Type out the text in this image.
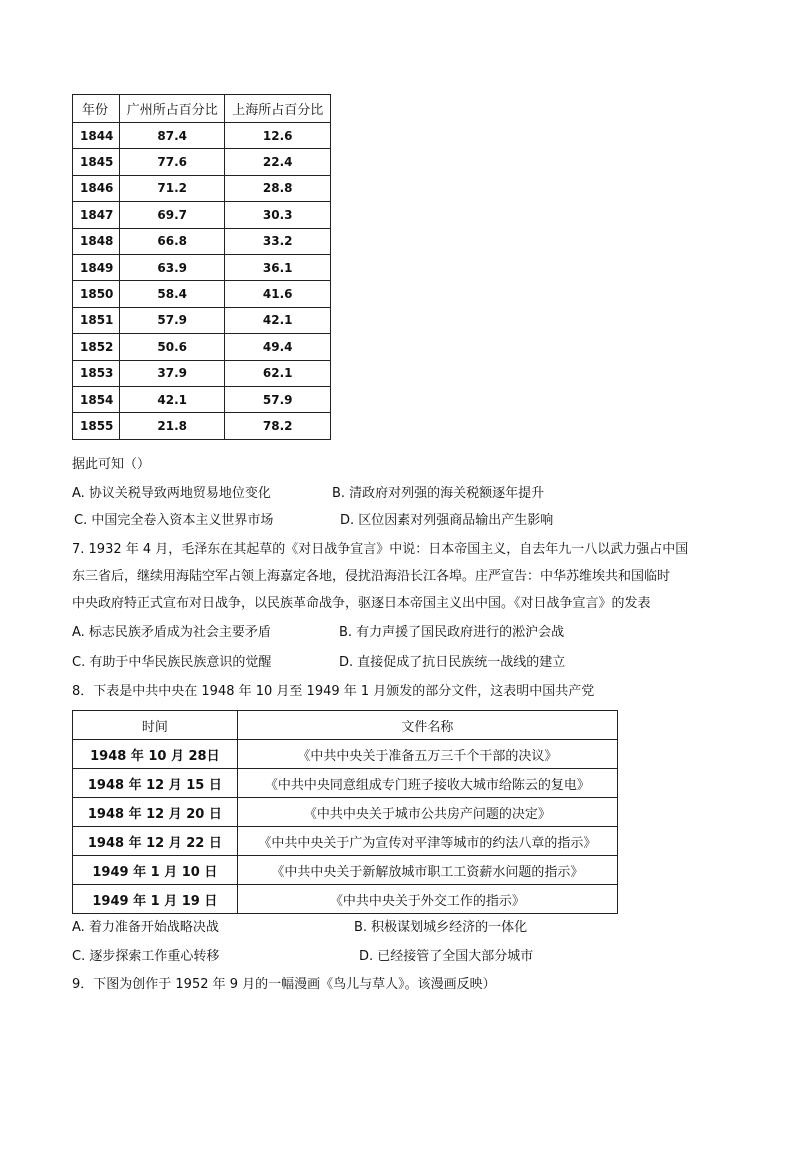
年份	广州所占百分比	上海所占百分比
1844	87.4	12.6
1845	77.6	22.4
1846	71.2	28.8
1847	69.7	30.3
1848	66.8	33.2
1849	63.9	36.1
1850	58.4	41.6
1851	57.9	42.1
1852	50.6	49.4
1853	37.9	62.1
1854	42.1	57.9
1855	21.8	78.2
据此可知（）
A. 协议关税导致两地贸易地位变化	B. 清政府对列强的海关税额逐年提升
C. 中国完全卷入资本主义世界市场	D. 区位因素对列强商品输出产生影响
7. 1932 年 4 月，毛泽东在其起草的《对日战争宣言》中说：日本帝国主义，自去年九一八以武力强占中国
东三省后，继续用海陆空军占领上海嘉定各地，侵扰沿海沿长江各埠。庄严宣告：中华苏维埃共和国临时
中央政府特正式宣布对日战争，以民族革命战争，驱逐日本帝国主义出中国。《对日战争宣言》的发表
A. 标志民族矛盾成为社会主要矛盾	B. 有力声援了国民政府进行的淞沪会战
C. 有助于中华民族民族意识的觉醒	D. 直接促成了抗日民族统一战线的建立
8．下表是中共中央在 1948 年 10 月至 1949 年 1 月颁发的部分文件，这表明中国共产党
时间	文件名称
1948 年 10 月 28日	《中共中央关于准备五万三千个干部的决议》
1948 年 12 月 15 日	《中共中央同意组成专门班子接收大城市给陈云的复电》
1948 年 12 月 20 日	《中共中央关于城市公共房产问题的决定》
1948 年 12 月 22 日	《中共中央关于广为宣传对平津等城市的约法八章的指示》
1949 年 1 月 10 日	《中共中央关于新解放城市职工工资薪水问题的指示》
1949 年 1 月 19 日	《中共中央关于外交工作的指示》
A. 着力准备开始战略决战	B. 积极谋划城乡经济的一体化
C. 逐步探索工作重心转移	D. 已经接管了全国大部分城市
9．下图为创作于 1952 年 9 月的一幅漫画《鸟儿与草人》。该漫画反映）
